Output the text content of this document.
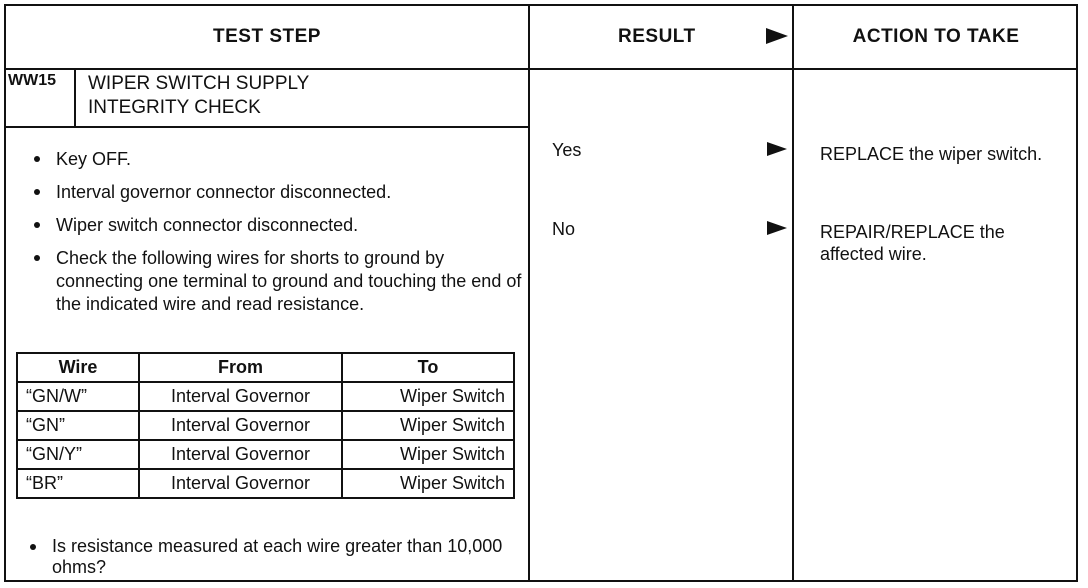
TEST STEP	RESULT	ACTION TO TAKE
WW15	WIPER SWITCH SUPPLY
INTEGRITY CHECK
Key OFF.
Interval governor connector disconnected.
Wiper switch connector disconnected.
Check the following wires for shorts to ground by connecting one terminal to ground and touching the end of the indicated wire and read resistance.
Wire	From	To
“GN/W”	Interval Governor	Wiper Switch
“GN”	Interval Governor	Wiper Switch
“GN/Y”	Interval Governor	Wiper Switch
“BR”	Interval Governor	Wiper Switch
Is resistance measured at each wire greater than 10,000 ohms?
Yes	REPLACE the wiper switch.
No	REPAIR/REPLACE the affected wire.
